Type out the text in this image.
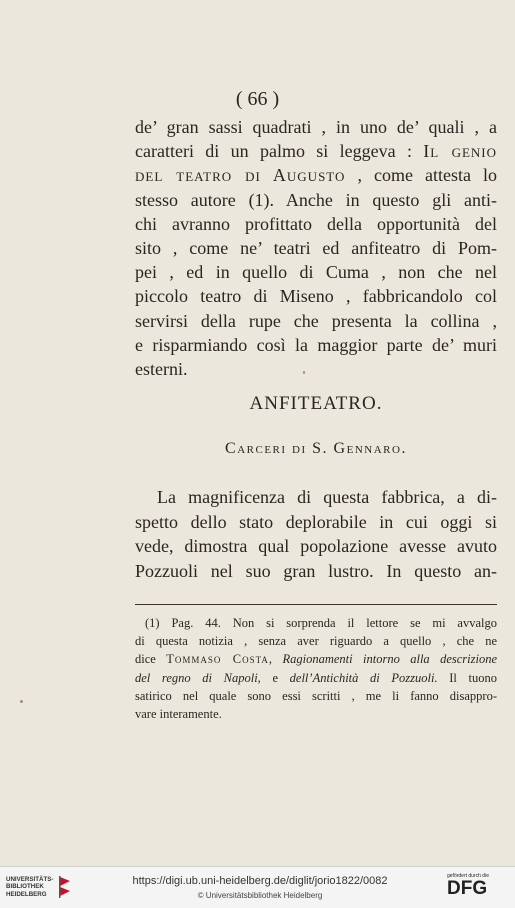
( 66 )
de’ gran sassi quadrati , in uno de’ quali , a
caratteri di un palmo si leggeva : Il genio
del teatro di Augusto , come attesta lo
stesso autore (1). Anche in questo gli anti-
chi avranno profittato della opportunità del
sito , come ne’ teatri ed anfiteatro di Pom-
pei , ed in quello di Cuma , non che nel
piccolo teatro di Miseno , fabbricandolo col
servirsi della rupe che presenta la collina ,
e risparmiando così la maggior parte de’ muri
esterni.
ANFITEATRO.
Carceri di S. Gennaro.
La magnificenza di questa fabbrica, a di-
spetto dello stato deplorabile in cui oggi si
vede, dimostra qual popolazione avesse avuto
Pozzuoli nel suo gran lustro. In questo an-
(1) Pag. 44. Non si sorprenda il lettore se mi avvalgo
di questa notizia , senza aver riguardo a quello , che ne
dice Tommaso Costa, Ragionamenti intorno alla descrizione
del regno di Napoli, e dell’Antichità di Pozzuoli. Il tuono
satirico nel quale sono essi scritti , me li fanno disappro-
vare interamente.
UNIVERSITÄTS-
BIBLIOTHEK
HEIDELBERG
https://digi.ub.uni-heidelberg.de/diglit/jorio1822/0082
© Universitätsbibliothek Heidelberg
gefördert durch die
DFG
